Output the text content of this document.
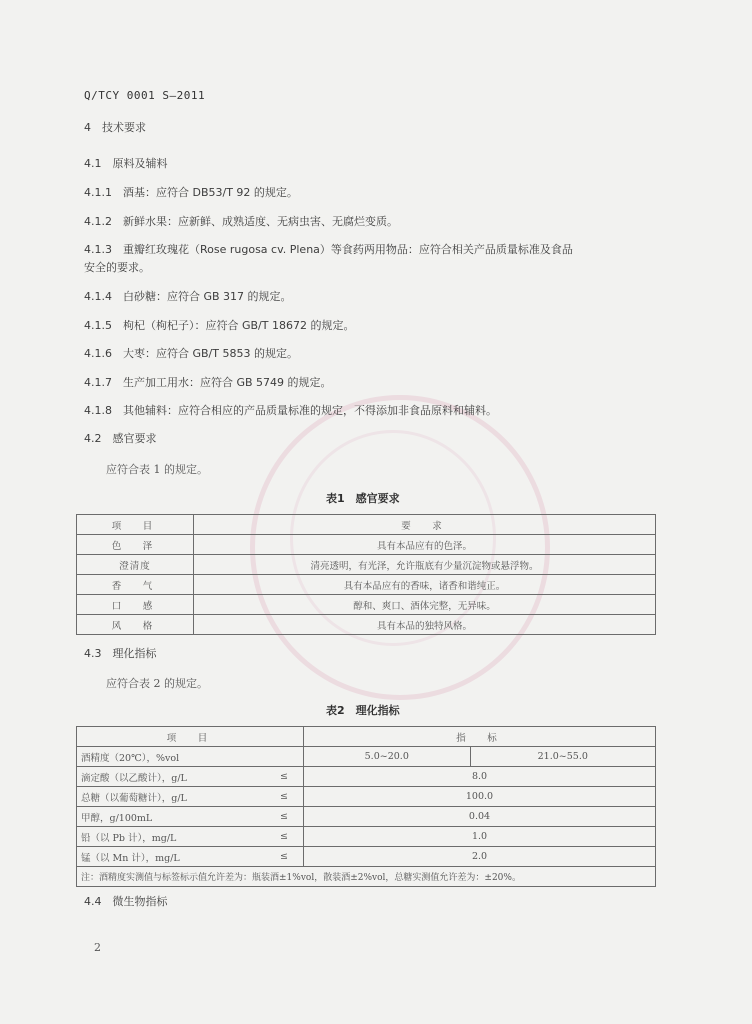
Q/TCY 0001 S—2011
4　技术要求
4.1　原料及辅料
4.1.1　酒基：应符合 DB53/T 92 的规定。
4.1.2　新鲜水果：应新鲜、成熟适度、无病虫害、无腐烂变质。
4.1.3　重瓣红玫瑰花（Rose rugosa cv. Plena）等食药两用物品：应符合相关产品质量标准及食品
安全的要求。
4.1.4　白砂糖：应符合 GB 317 的规定。
4.1.5　枸杞（枸杞子）：应符合 GB/T 18672 的规定。
4.1.6　大枣：应符合 GB/T 5853 的规定。
4.1.7　生产加工用水：应符合 GB 5749 的规定。
4.1.8　其他辅料：应符合相应的产品质量标准的规定，不得添加非食品原料和辅料。
4.2　感官要求
应符合表 1 的规定。
表1　感官要求
项　目	要　求
色　泽	具有本品应有的色泽。
澄清度	清亮透明，有光泽，允许瓶底有少量沉淀物或悬浮物。
香　气	具有本品应有的香味，诸香和谐纯正。
口　感	醇和、爽口、酒体完整，无异味。
风　格	具有本品的独特风格。
4.3　理化指标
应符合表 2 的规定。
表2　理化指标
项　目		指　标	
酒精度（20℃），%vol		5.0~20.0	21.0~55.0
滴定酸（以乙酸计），g/L	≤	8.0	
总糖（以葡萄糖计），g/L	≤	100.0	
甲醇，g/100mL	≤	0.04	
铅（以 Pb 计），mg/L	≤	1.0	
锰（以 Mn 计），mg/L	≤	2.0	
注：酒精度实测值与标签标示值允许差为：瓶装酒±1%vol，散装酒±2%vol，总糖实测值允许差为：±20%。			
4.4　微生物指标
2
